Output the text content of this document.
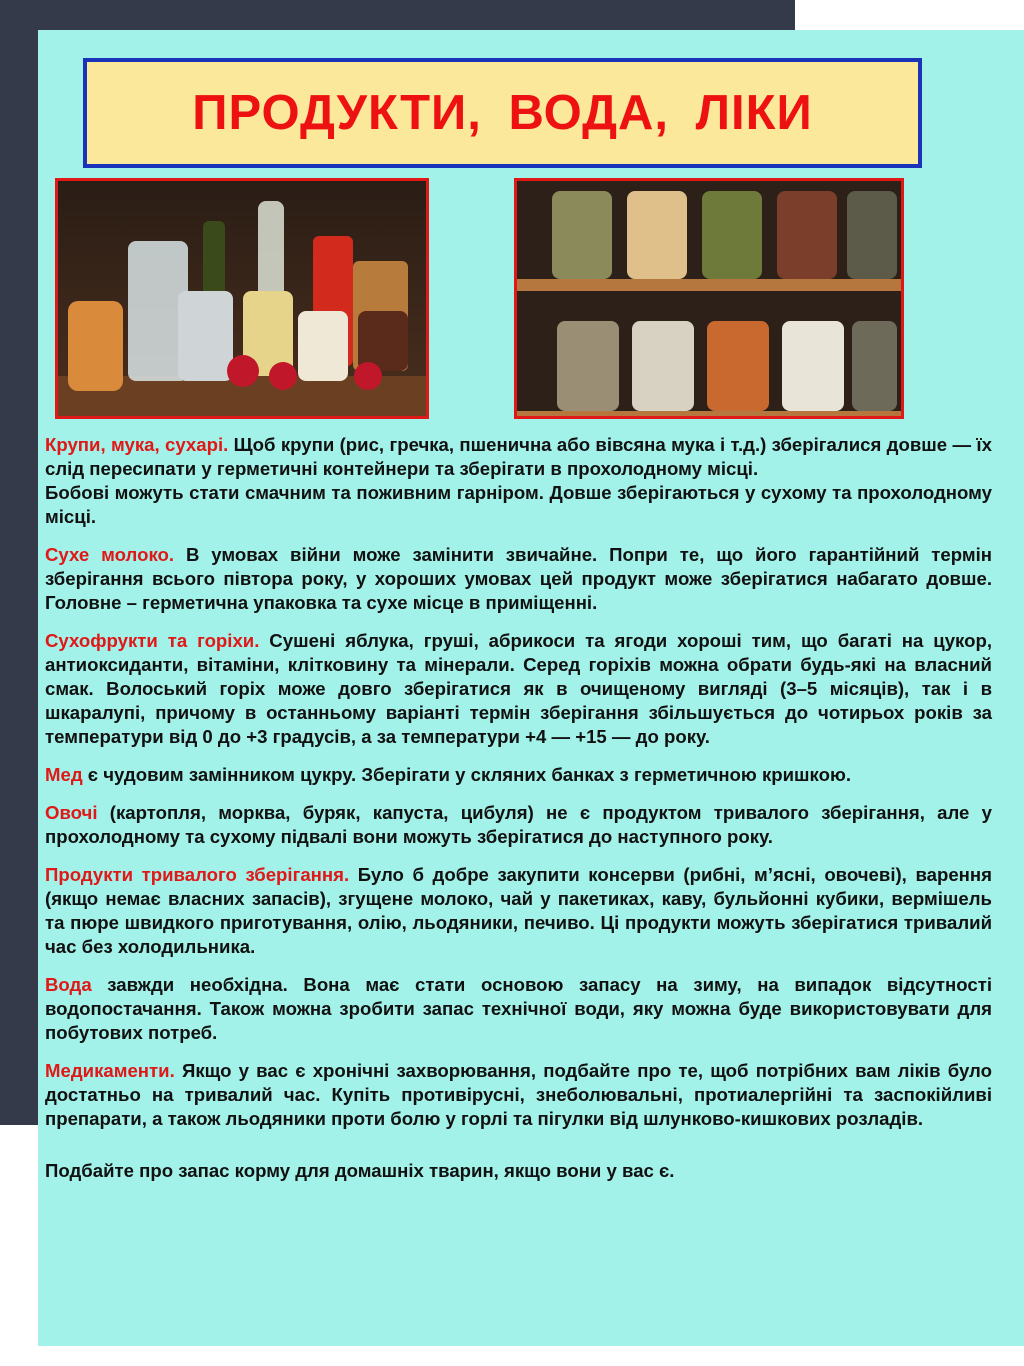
ПРОДУКТИ, ВОДА, ЛІКИ

Крупи, мука, сухарі. Щоб крупи (рис, гречка, пшенична або вівсяна мука і т.д.) зберігалися довше — їх слід пересипати у герметичні контейнери та зберігати в прохолодному місці.

Бобові можуть стати смачним та поживним гарніром. Довше зберігаються у сухому та прохолодному місці.

Сухе молоко. В умовах війни може замінити звичайне. Попри те, що його гарантійний термін зберігання всього півтора року, у хороших умовах цей продукт може зберігатися набагато довше. Головне – герметична упаковка та сухе місце в приміщенні.

Сухофрукти та горіхи. Сушені яблука, груші, абрикоси та ягоди хороші тим, що багаті на цукор, антиоксиданти, вітаміни, клітковину та мінерали. Серед горіхів можна обрати будь-які на власний смак. Волоський горіх може довго зберігатися як в очищеному вигляді (3–5 місяців), так і в шкаралупі, причому в останньому варіанті термін зберігання збільшується до чотирьох років за температури від 0 до +3 градусів, а за температури +4 — +15 — до року.

Мед є чудовим замінником цукру. Зберігати у скляних банках з герметичною кришкою.

Овочі (картопля, морква, буряк, капуста, цибуля) не є продуктом тривалого зберігання, але у прохолодному та сухому підвалі вони можуть зберігатися до наступного року.

Продукти тривалого зберігання. Було б добре закупити консерви (рибні, м’ясні, овочеві), варення (якщо немає власних запасів), згущене молоко, чай у пакетиках, каву, бульйонні кубики, вермішель та пюре швидкого приготування, олію, льодяники, печиво. Ці продукти можуть зберігатися тривалий час без холодильника.

Вода завжди необхідна. Вона має стати основою запасу на зиму, на випадок відсутності водопостачання. Також можна зробити запас технічної води, яку можна буде використовувати для побутових потреб.

Медикаменти. Якщо у вас є хронічні захворювання, подбайте про те, щоб потрібних вам ліків було достатньо на тривалий час. Купіть противірусні, знеболювальні, протиалергійні та заспокійливі препарати, а також льодяники проти болю у горлі та пігулки від шлунково-кишкових розладів.

Подбайте про запас корму для домашніх тварин, якщо вони у вас є.
